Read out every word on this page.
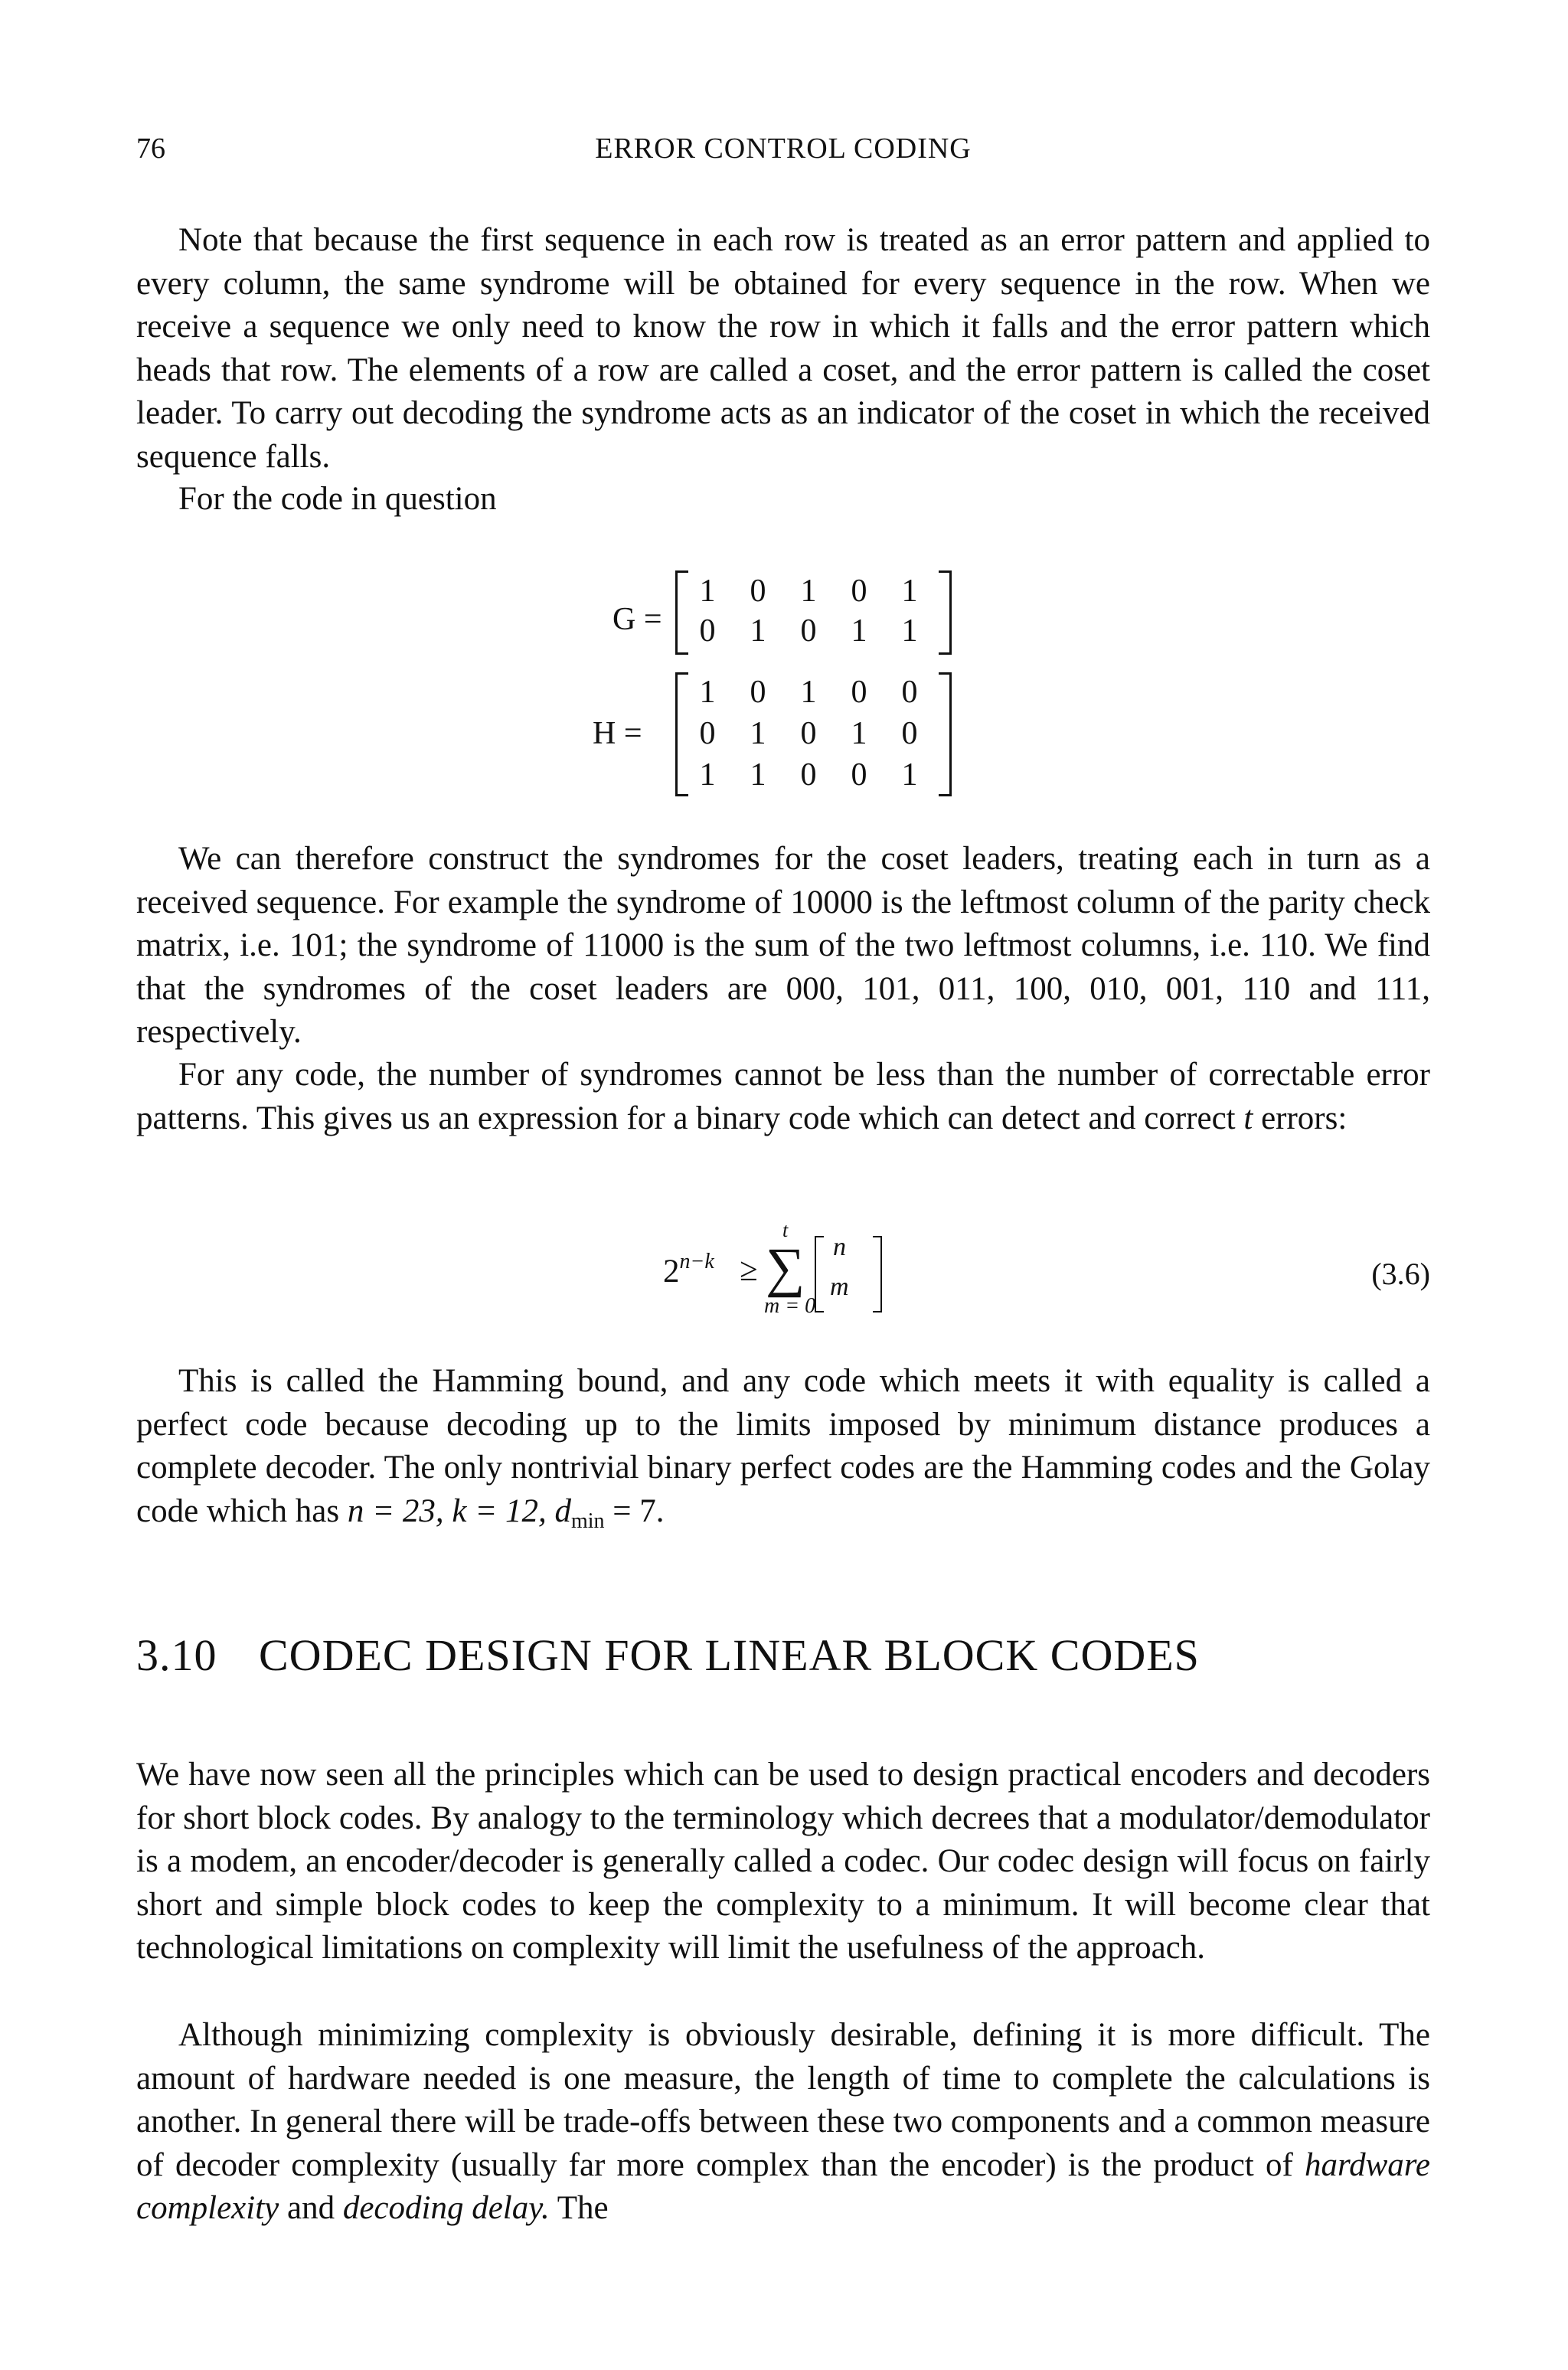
76	ERROR CONTROL CODING

Note that because the first sequence in each row is treated as an error pattern and applied to every column, the same syndrome will be obtained for every sequence in the row. When we receive a sequence we only need to know the row in which it falls and the error pattern which heads that row. The elements of a row are called a coset, and the error pattern is called the coset leader. To carry out decoding the syndrome acts as an indicator of the coset in which the received sequence falls.

For the code in question

G =
1 0 1 0 1
0 1 0 1 1
H =
1 0 1 0 0
0 1 0 1 0
1 1 0 0 1

We can therefore construct the syndromes for the coset leaders, treating each in turn as a received sequence. For example the syndrome of 10000 is the leftmost column of the parity check matrix, i.e. 101; the syndrome of 11000 is the sum of the two leftmost columns, i.e. 110. We find that the syndromes of the coset leaders are 000, 101, 011, 100, 010, 001, 110 and 111, respectively.

For any code, the number of syndromes cannot be less than the number of correctable error patterns. This gives us an expression for a binary code which can detect and correct t errors:

$2^{n-k}$ ≥
t
∑
m = 0
n
m	(3.6)

This is called the Hamming bound, and any code which meets it with equality is called a perfect code because decoding up to the limits imposed by minimum distance produces a complete decoder. The only nontrivial binary perfect codes are the Hamming codes and the Golay code which has n = 23, k = 12, $d_{min} = 7$.

3.10 CODEC DESIGN FOR LINEAR BLOCK CODES

We have now seen all the principles which can be used to design practical encoders and decoders for short block codes. By analogy to the terminology which decrees that a modulator/demodulator is a modem, an encoder/decoder is generally called a codec. Our codec design will focus on fairly short and simple block codes to keep the complexity to a minimum. It will become clear that technological limitations on complexity will limit the usefulness of the approach.

Although minimizing complexity is obviously desirable, defining it is more difficult. The amount of hardware needed is one measure, the length of time to complete the calculations is another. In general there will be trade-offs between these two components and a common measure of decoder complexity (usually far more complex than the encoder) is the product of hardware complexity and decoding delay. The
